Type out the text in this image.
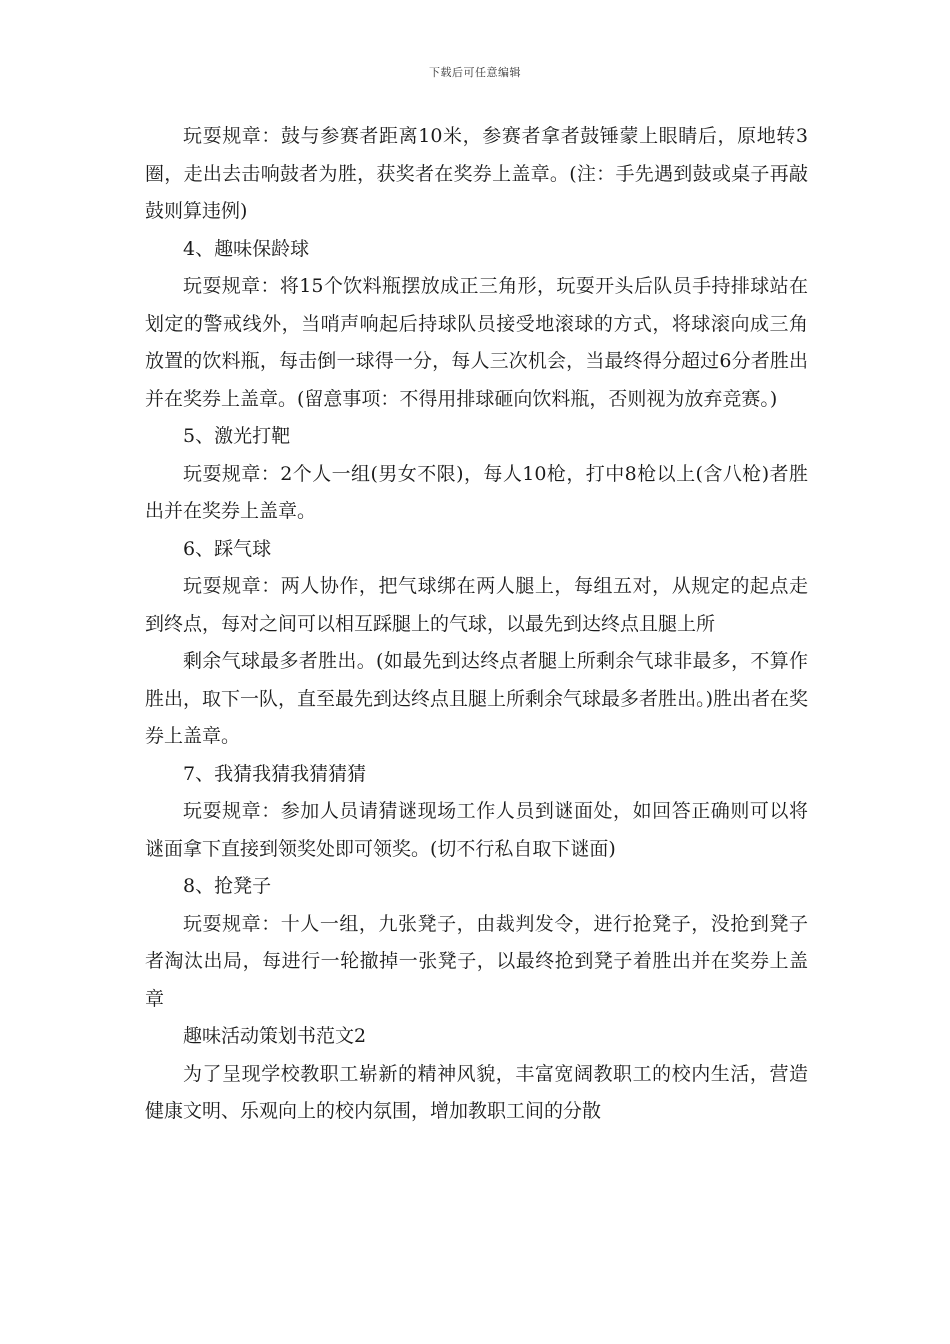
下载后可任意编辑

玩耍规章：鼓与参赛者距离10米，参赛者拿者鼓锤蒙上眼睛后，原地转3圈，走出去击响鼓者为胜，获奖者在奖券上盖章。(注：手先遇到鼓或桌子再敲鼓则算违例)

4、趣味保龄球

玩耍规章：将15个饮料瓶摆放成正三角形，玩耍开头后队员手持排球站在划定的警戒线外，当哨声响起后持球队员接受地滚球的方式，将球滚向成三角放置的饮料瓶，每击倒一球得一分，每人三次机会，当最终得分超过6分者胜出并在奖券上盖章。(留意事项：不得用排球砸向饮料瓶，否则视为放弃竞赛。)

5、激光打靶

玩耍规章：2个人一组(男女不限)，每人10枪，打中8枪以上(含八枪)者胜出并在奖券上盖章。

6、踩气球

玩耍规章：两人协作，把气球绑在两人腿上，每组五对，从规定的起点走到终点，每对之间可以相互踩腿上的气球，以最先到达终点且腿上所

剩余气球最多者胜出。(如最先到达终点者腿上所剩余气球非最多，不算作胜出，取下一队，直至最先到达终点且腿上所剩余气球最多者胜出。)胜出者在奖券上盖章。

7、我猜我猜我猜猜猜

玩耍规章：参加人员请猜谜现场工作人员到谜面处，如回答正确则可以将谜面拿下直接到领奖处即可领奖。(切不行私自取下谜面)

8、抢凳子

玩耍规章：十人一组，九张凳子，由裁判发令，进行抢凳子，没抢到凳子者淘汰出局，每进行一轮撤掉一张凳子，以最终抢到凳子着胜出并在奖券上盖章

趣味活动策划书范文2

为了呈现学校教职工崭新的精神风貌，丰富宽阔教职工的校内生活，营造健康文明、乐观向上的校内氛围，增加教职工间的分散
